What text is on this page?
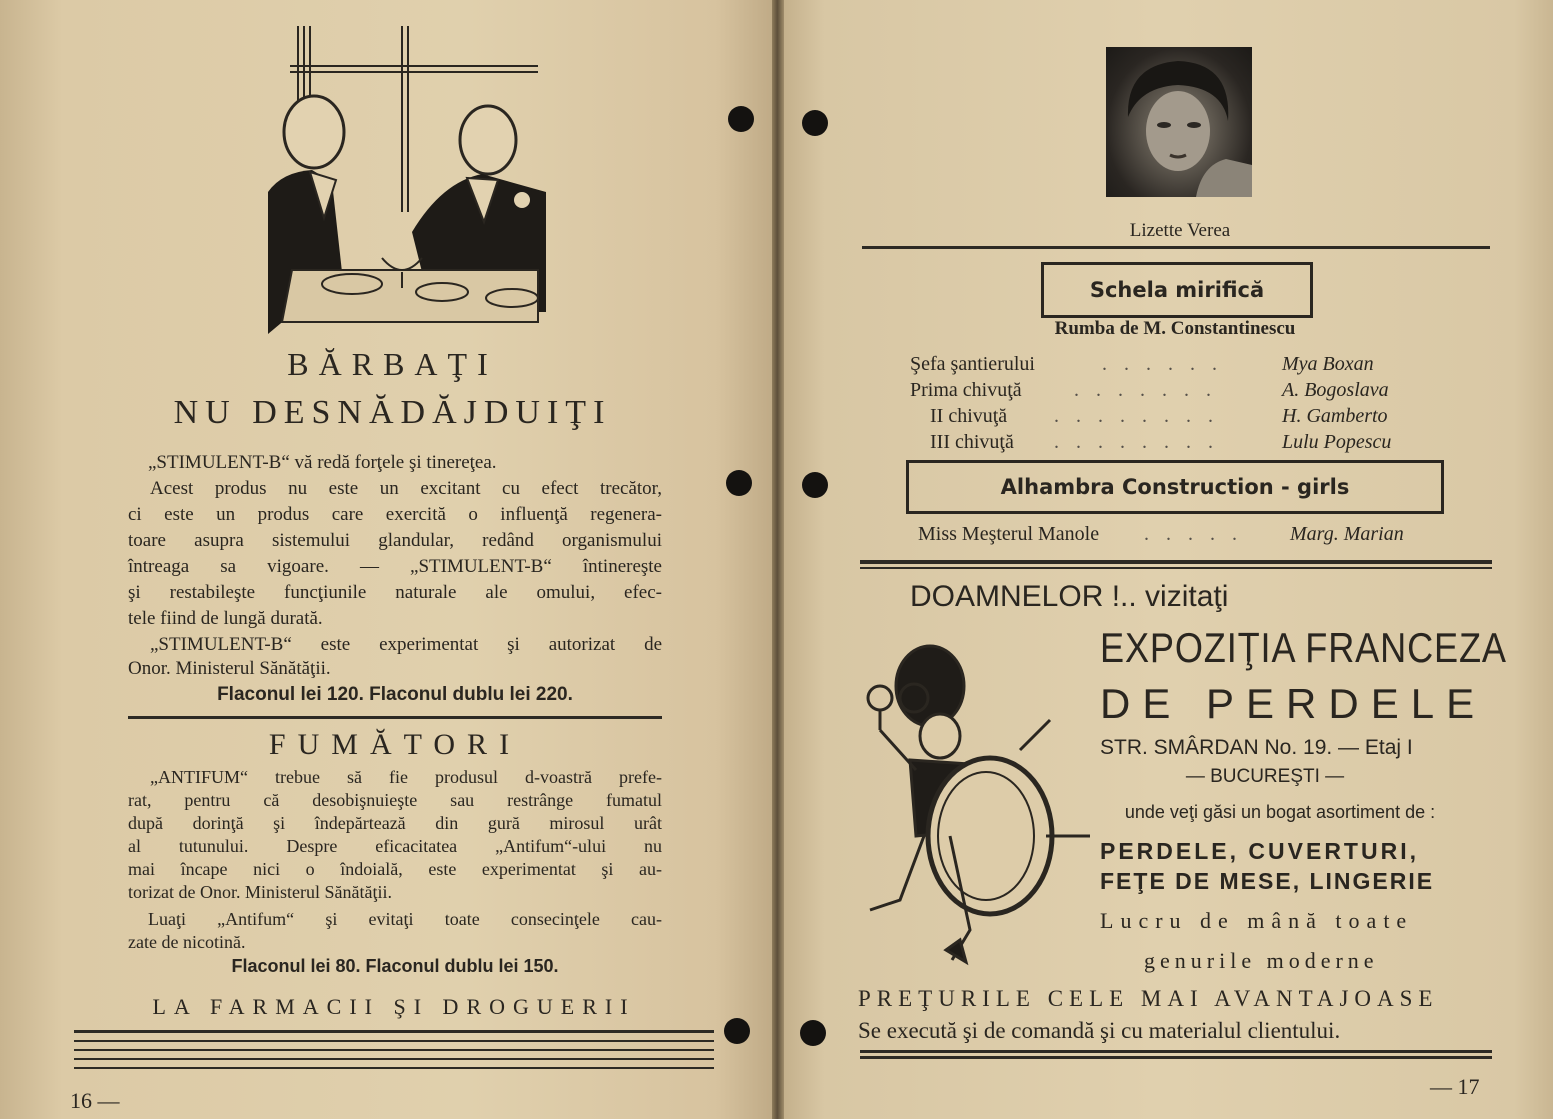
BĂRBAŢI
NU DESNĂDĂJDUIŢI
„STIMULENT-B“ vă redă forţele şi tinereţea.
Acest produs nu este un excitant cu efect trecător,
ci este un produs care exercită o influenţă regenera-
toare asupra sistemului glandular, redând organismului
întreaga sa vigoare. — „STIMULENT-B“ întinereşte
şi restabileşte funcţiunile naturale ale omului, efec-
tele fiind de lungă durată.
„STIMULENT-B“ este experimentat şi autorizat de
Onor. Ministerul Sănătăţii.
Flaconul lei 120. Flaconul dublu lei 220.
FUMĂTORI
„ANTIFUM“ trebue să fie produsul d-voastră prefe-
rat, pentru că desobişnuieşte sau restrânge fumatul
după dorinţă şi îndepărtează din gură mirosul urât
al tutunului. Despre eficacitatea „Antifum“-ului nu
mai încape nici o îndoială, este experimentat şi au-
torizat de Onor. Ministerul Sănătăţii.
Luaţi „Antifum“ şi evitaţi toate consecinţele cau-
zate de nicotină.
Flaconul lei 80. Flaconul dublu lei 150.
LA FARMACII ŞI DROGUERII
16 —
Lizette Verea
Schela mirifică
Rumba de M. Constantinescu
Şefa şantierului	. . . . . .	Mya Boxan
Prima chivuţă	. . . . . . .	A. Bogoslava
II chivuţă . . . . . . . .	H. Gamberto
III chivuţă . . . . . . . .	Lulu Popescu
Alhambra Construction - girls
Miss Meşterul Manole . . . . . Marg. Marian
DOAMNELOR !.. vizitaţi
EXPOZIŢIA FRANCEZA
DE PERDELE
STR. SMÂRDAN No. 19. — Etaj I
— BUCUREŞTI —
unde veţi găsi un bogat asortiment de :
PERDELE, CUVERTURI,
FEŢE DE MESE, LINGERIE
Lucru de mână toate
genurile moderne
PREŢURILE CELE MAI AVANTAJOASE
Se execută şi de comandă şi cu materialul clientului.
— 17
